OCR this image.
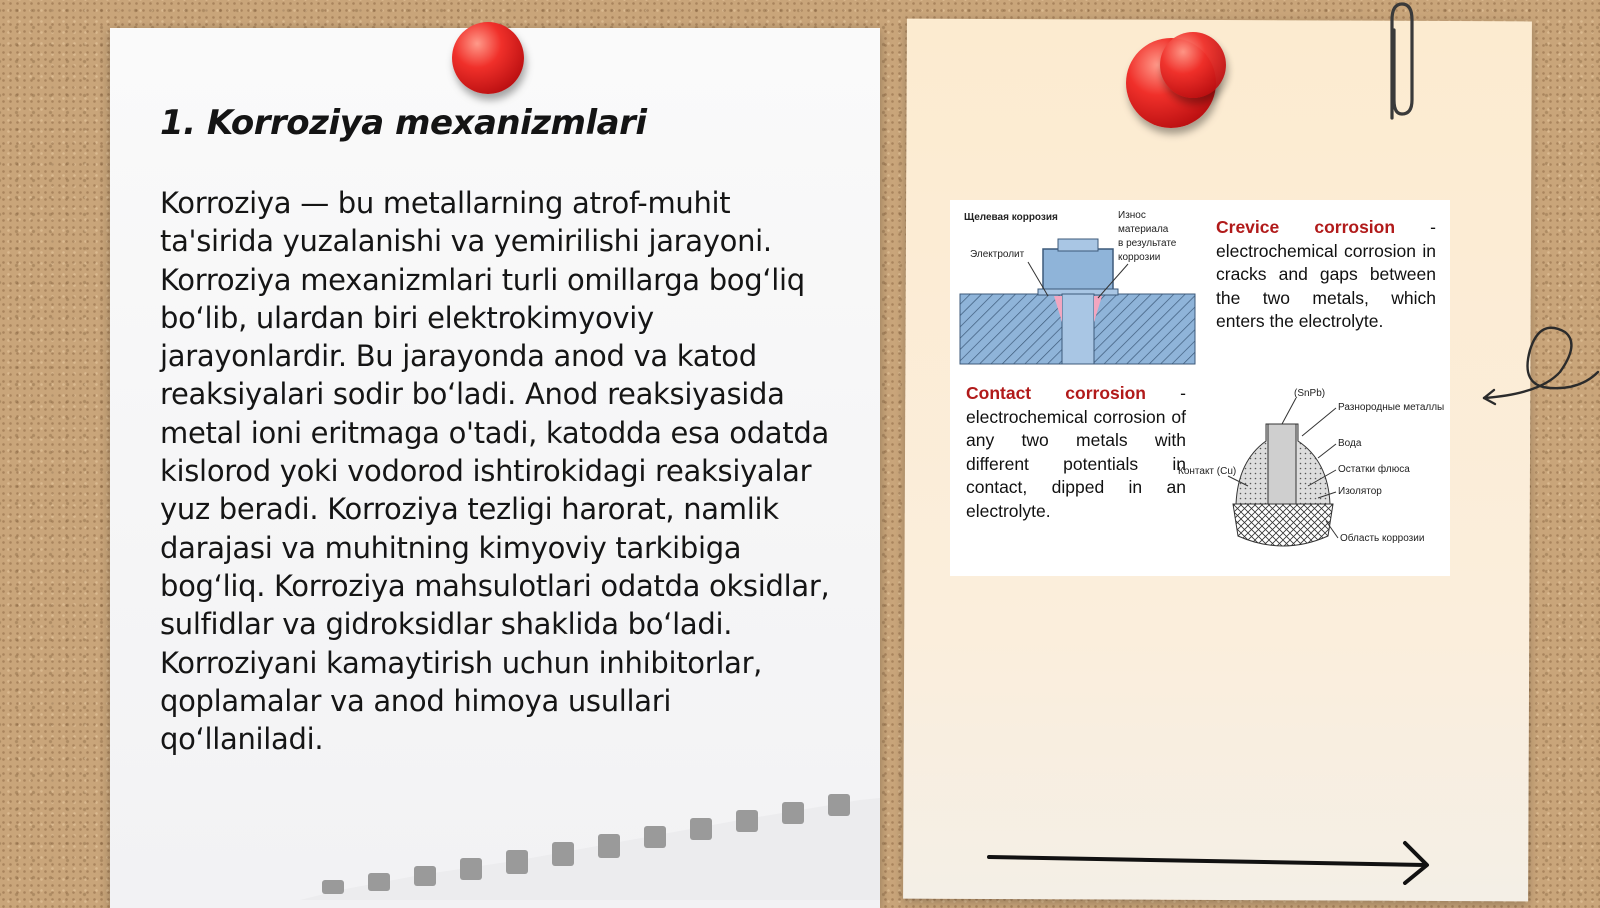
1. Korroziya mexanizmlari

Korroziya — bu metallarning atrof-muhit ta'sirida yuzalanishi va yemirilishi jarayoni. Korroziya mexanizmlari turli omillarga bog‘liq bo‘lib, ulardan biri elektrokimyoviy jarayonlardir. Bu jarayonda anod va katod reaksiyalari sodir bo‘ladi. Anod reaksiyasida metal ioni eritmaga o'tadi, katodda esa odatda kislorod yoki vodorod ishtirokidagi reaksiyalar yuz beradi. Korroziya tezligi harorat, namlik darajasi va muhitning kimyoviy tarkibiga bog‘liq. Korroziya mahsulotlari odatda oksidlar, sulfidlar va gidroksidlar shaklida bo‘ladi. Korroziyani kamaytirish uchun inhibitorlar, qoplamalar va anod himoya usullari qo‘llaniladi.

Щелевая коррозия
Электролит
Износ
материала
в результате
коррозии

Crevice corrosion - electrochemical corrosion in cracks and gaps between the two metals, which enters the electrolyte.

Contact corrosion - electrochemical corrosion of any two metals with different potentials in contact, dipped in an electrolyte.

(SnPb)
Разнородные металлы
Вода
Контакт (Cu)	Остатки флюса
Изолятор
Область коррозии
